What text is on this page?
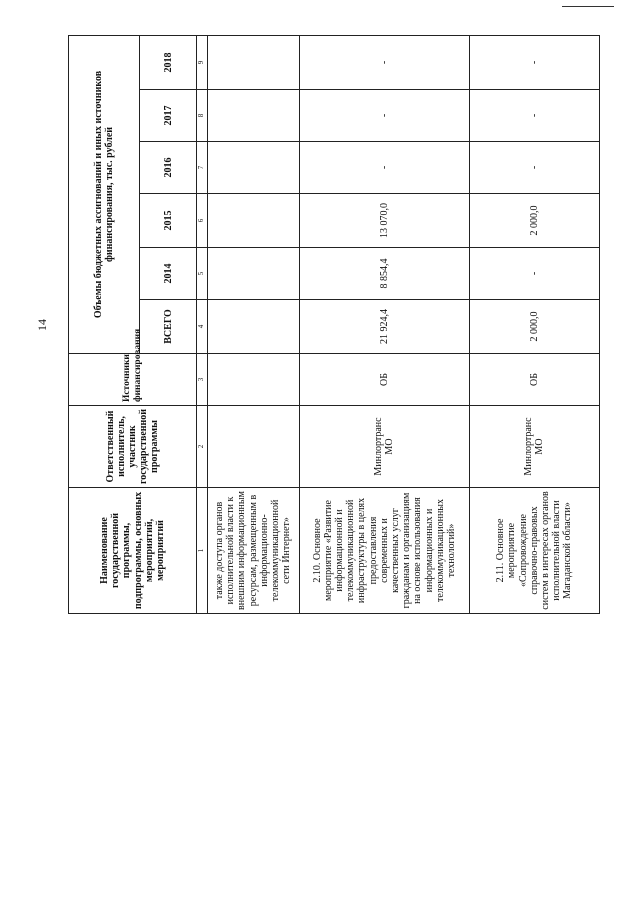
14
Наименование государственной программы, подпрограммы, основных мероприятий, мероприятий	Ответственный исполнитель, участник государственной программы	Источники финансирования	Объемы бюджетных ассигнований и иных источников финансирования, тыс. рублей					
			ВСЕГО	2014	2015	2016	2017	2018
1	2	3	4	5	6	7	8	9
также доступа органов исполнительной власти к внешним информационным ресурсам, размещенным в информационно-телекоммуникационной сети Интернет»								
2.10. Основное мероприятие «Развитие информационной и телекоммуникационной инфраструктуры в целях предоставления современных и качественных услуг гражданам и организациям на основе использования информационных и телекоммуникационных технологий»	Минлортранс МО	ОБ	21 924,4	8 854,4	13 070,0	-	-	-
2.11. Основное мероприятие «Сопровождение справочно-правовых систем в интересах органов исполнительной власти Магаданской области»	Минлортранс МО	ОБ	2 000,0	-	2 000,0	-	-	-
